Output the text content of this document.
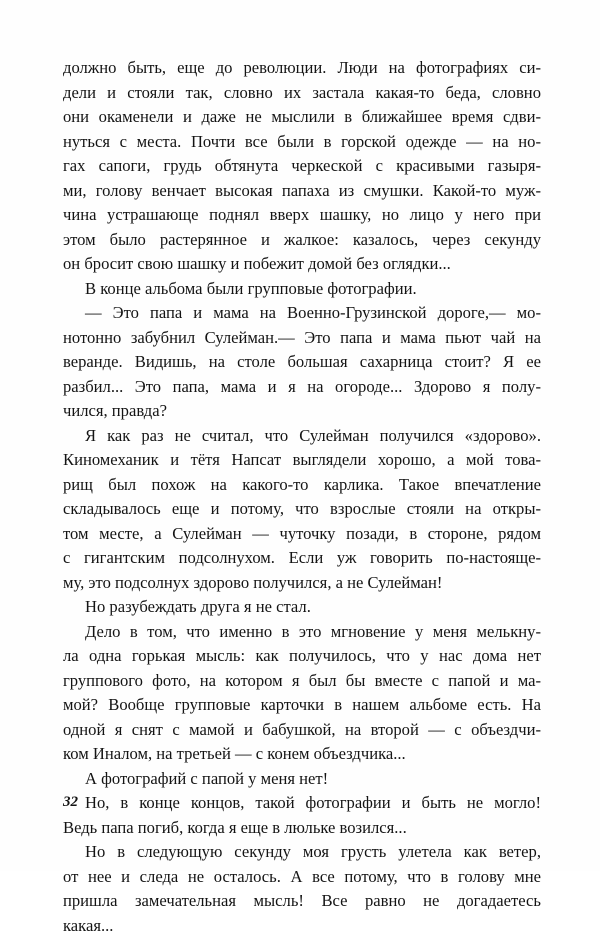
должно быть, еще до революции. Люди на фотографиях си-
дели и стояли так, словно их застала какая-то беда, словно
они окаменели и даже не мыслили в ближайшее время сдви-
нуться с места. Почти все были в горской одежде — на но-
гах сапоги, грудь обтянута черкеской с красивыми газыря-
ми, голову венчает высокая папаха из смушки. Какой-то муж-
чина устрашающе поднял вверх шашку, но лицо у него при
этом было растерянное и жалкое: казалось, через секунду
он бросит свою шашку и побежит домой без оглядки...
В конце альбома были групповые фотографии.
— Это папа и мама на Военно-Грузинской дороге,— мо-
нотонно забубнил Сулейман.— Это папа и мама пьют чай на
веранде. Видишь, на столе большая сахарница стоит? Я ее
разбил... Это папа, мама и я на огороде... Здорово я полу-
чился, правда?
Я как раз не считал, что Сулейман получился «здорово».
Киномеханик и тётя Напсат выглядели хорошо, а мой това-
рищ был похож на какого-то карлика. Такое впечатление
складывалось еще и потому, что взрослые стояли на откры-
том месте, а Сулейман — чуточку позади, в сторонe, рядом
с гигантским подсолнухом. Если уж говорить по-настояще-
му, это подсолнух здорово получился, а не Сулейман!
Но разубеждать друга я не стал.
Дело в том, что именно в это мгновение у меня мелькну-
ла одна горькая мысль: как получилось, что у нас дома нет
группового фото, на котором я был бы вместе с папой и ма-
мой? Вообще групповые карточки в нашем альбоме есть. На
одной я снят с мамой и бабушкой, на второй — с объездчи-
ком Иналом, на третьей — с конем объездчика...
А фотографий с папой у меня нет!
Но, в конце концов, такой фотографии и быть не могло!
Ведь папа погиб, когда я еще в люльке возился...
Но в следующую секунду моя грусть улетела как ветер,
от нее и следа не осталось. А все потому, что в голову мне
пришла замечательная мысль! Все равно не догадаетесь
какая...
32
